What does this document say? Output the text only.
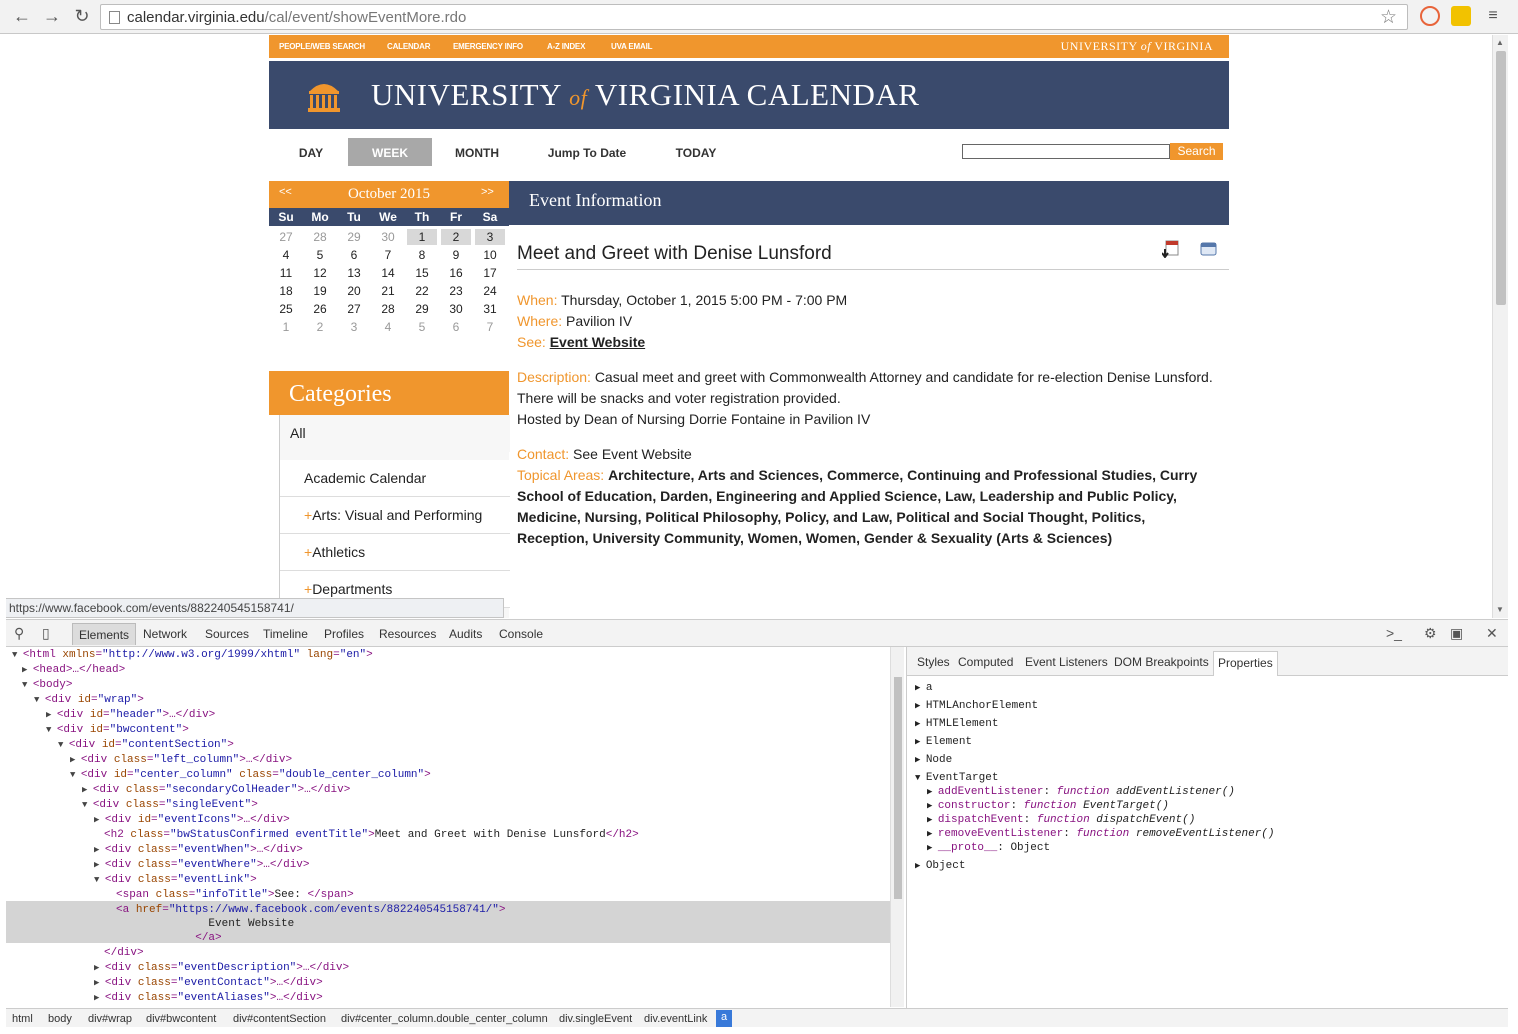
← → ↻ calendar.virginia.edu/cal/event/showEventMore.rdo	☆	≡
PEOPLE/WEB SEARCH	CALENDAR	EMERGENCY INFO	A-Z INDEX	UVA EMAIL	UNIVERSITY of VIRGINIA
UNIVERSITY of VIRGINIA CALENDAR
DAY	WEEK	MONTH	Jump To Date	TODAY	Search
October 2015
<<	>>
Su	Mo	Tu	We	Th	Fr	Sa
27	28	29	30	1	2	3
4	5	6	7	8	9	10
11	12	13	14	15	16	17
18	19	20	21	22	23	24
25	26	27	28	29	30	31
1	2	3	4	5	6	7
Categories
All
Academic Calendar
+Arts: Visual and Performing
+Athletics
+Departments
Event Information
Meet and Greet with Denise Lunsford
When: Thursday, October 1, 2015 5:00 PM - 7:00 PM
Where: Pavilion IV
See: Event Website
Description: Casual meet and greet with Commonwealth Attorney and candidate for re-election Denise Lunsford.
There will be snacks and voter registration provided.
Hosted by Dean of Nursing Dorrie Fontaine in Pavilion IV
Contact: See Event Website
Topical Areas: Architecture, Arts and Sciences, Commerce, Continuing and Professional Studies, Curry
School of Education, Darden, Engineering and Applied Science, Law, Leadership and Public Policy,
Medicine, Nursing, Political Philosophy, Policy, and Law, Political and Social Thought, Politics,
Reception, University Community, Women, Women, Gender & Sexuality (Arts & Sciences)
▲
▼
https://www.facebook.com/events/882240545158741/
⚲ ▯	Elements	Network Sources Timeline Profiles Resources Audits Console	>_ ⚙ ▣ ✕
▼ <html xmlns="http://www.w3.org/1999/xhtml" lang="en">
▶ <head>…</head>
▼ <body>
▼ <div id="wrap">
▶ <div id="header">…</div>
▼ <div id="bwcontent">
▼ <div id="contentSection">
▶ <div class="left_column">…</div>
▼ <div id="center_column" class="double_center_column">
▶ <div class="secondaryColHeader">…</div>
▼ <div class="singleEvent">
▶ <div id="eventIcons">…</div>
<h2 class="bwStatusConfirmed eventTitle">Meet and Greet with Denise Lunsford</h2>
▶ <div class="eventWhen">…</div>
▶ <div class="eventWhere">…</div>
▼ <div class="eventLink">
<span class="infoTitle">See: </span>
<a href="https://www.facebook.com/events/882240545158741/">
Event Website
</a>
</div>
▶ <div class="eventDescription">…</div>
▶ <div class="eventContact">…</div>
▶ <div class="eventAliases">…</div>
Styles Computed Event Listeners DOM Breakpoints Properties
▶ a
▶ HTMLAnchorElement
▶ HTMLElement
▶ Element
▶ Node
▼ EventTarget
▶ addEventListener: function addEventListener()
▶ constructor: function EventTarget()
▶ dispatchEvent: function dispatchEvent()
▶ removeEventListener: function removeEventListener()
▶ __proto__: Object
▶ Object
html body div#wrap div#bwcontent div#contentSection div#center_column.double_center_column div.singleEvent div.eventLink	a
